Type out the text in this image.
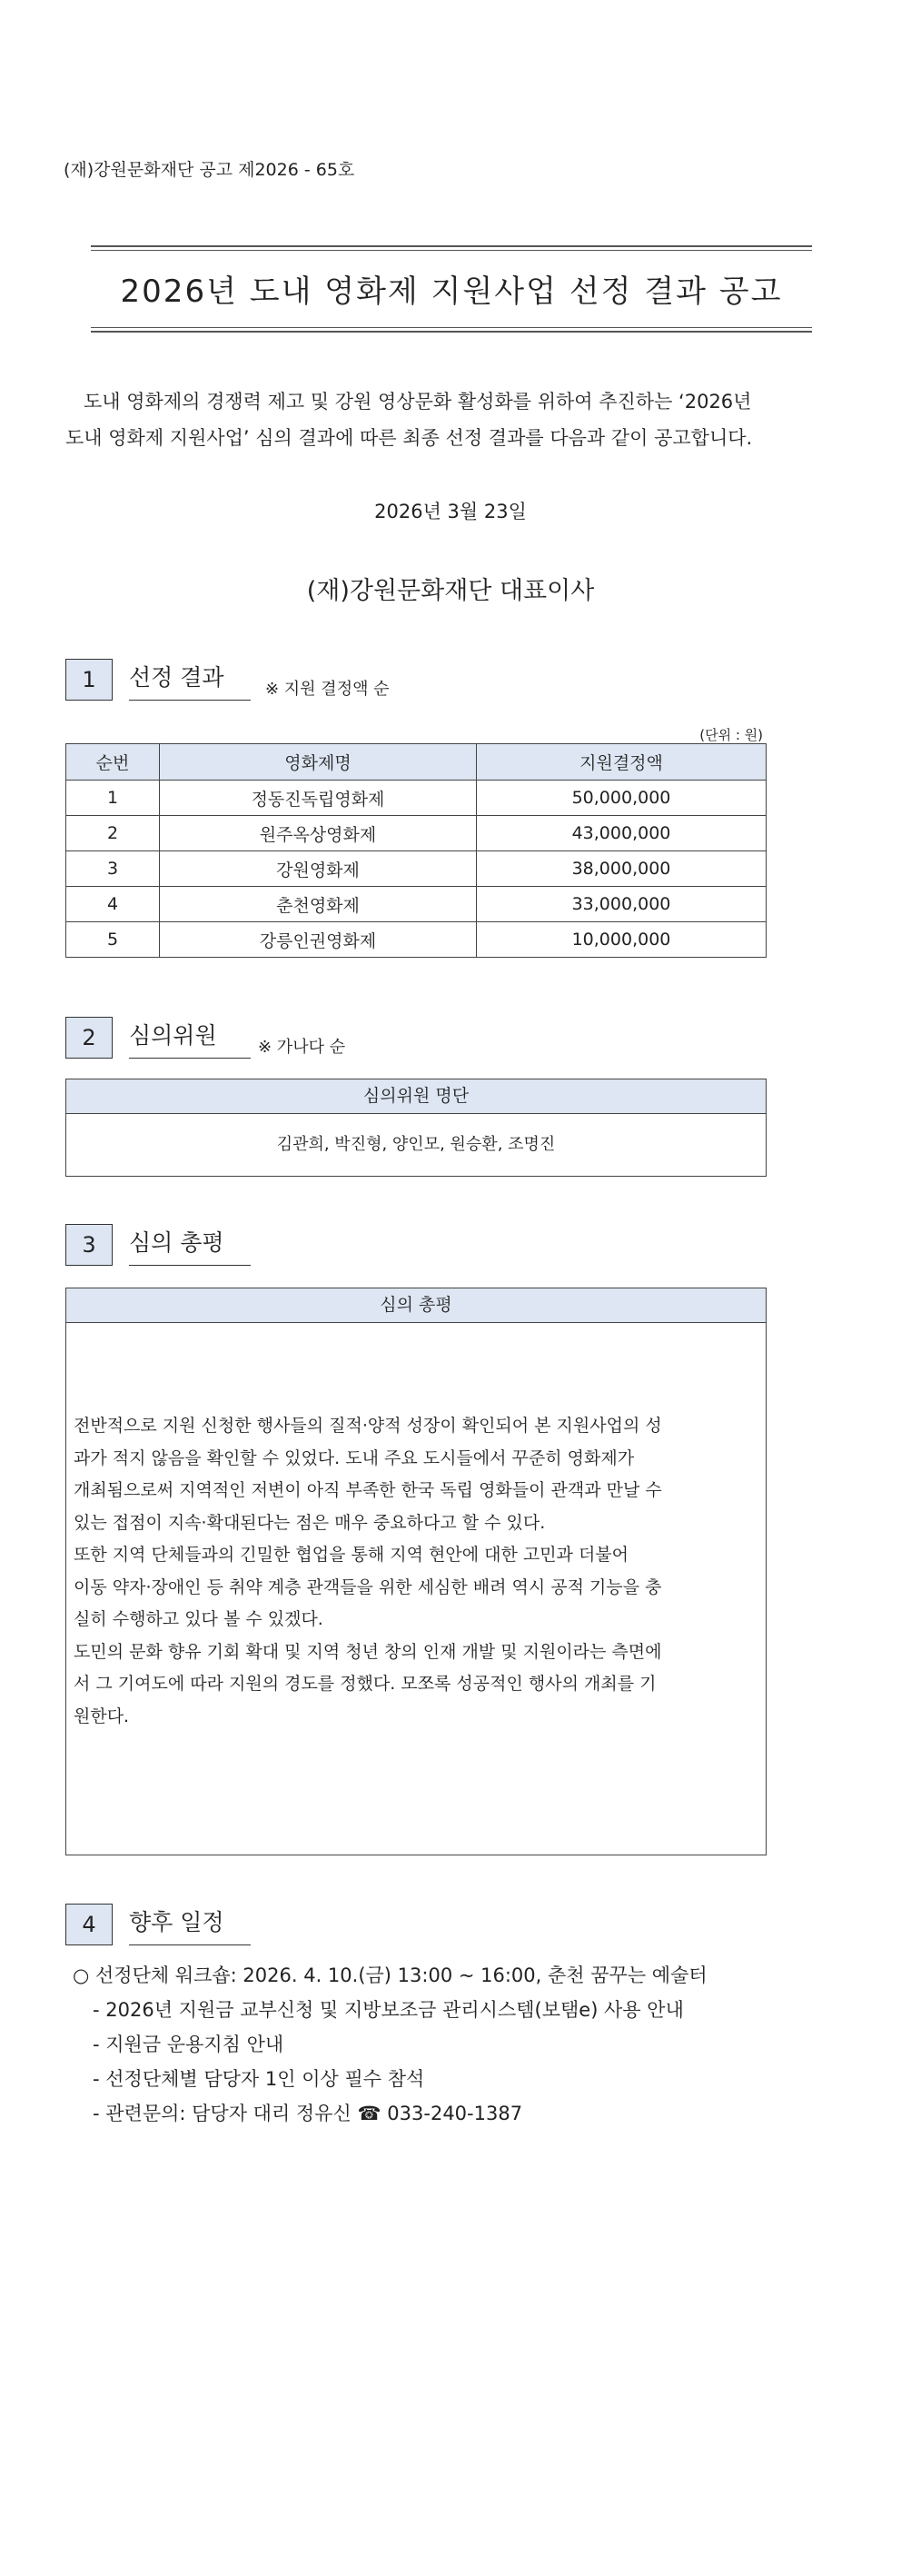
(재)강원문화재단 공고 제2026 - 65호
2026년 도내 영화제 지원사업 선정 결과 공고
도내 영화제의 경쟁력 제고 및 강원 영상문화 활성화를 위하여 추진하는 ‘2026년
도내 영화제 지원사업’ 심의 결과에 따른 최종 선정 결과를 다음과 같이 공고합니다.
2026년 3월 23일
(재)강원문화재단 대표이사
1	선정 결과	※ 지원 결정액 순
(단위 : 원)
순번	영화제명	지원결정액
1	정동진독립영화제	50,000,000
2	원주옥상영화제	43,000,000
3	강원영화제	38,000,000
4	춘천영화제	33,000,000
5	강릉인권영화제	10,000,000
2	심의위원	※ 가나다 순
심의위원 명단
김관희, 박진형, 양인모, 원승환, 조명진
3	심의 총평
심의 총평
전반적으로 지원 신청한 행사들의 질적·양적 성장이 확인되어 본 지원사업의 성
과가 적지 않음을 확인할 수 있었다. 도내 주요 도시들에서 꾸준히 영화제가
개최됨으로써 지역적인 저변이 아직 부족한 한국 독립 영화들이 관객과 만날 수
있는 접점이 지속·확대된다는 점은 매우 중요하다고 할 수 있다.
또한 지역 단체들과의 긴밀한 협업을 통해 지역 현안에 대한 고민과 더불어
이동 약자·장애인 등 취약 계층 관객들을 위한 세심한 배려 역시 공적 기능을 충
실히 수행하고 있다 볼 수 있겠다.
도민의 문화 향유 기회 확대 및 지역 청년 창의 인재 개발 및 지원이라는 측면에
서 그 기여도에 따라 지원의 경도를 정했다. 모쪼록 성공적인 행사의 개최를 기
원한다.
4	향후 일정
○ 선정단체 워크숍: 2026. 4. 10.(금) 13:00 ~ 16:00, 춘천 꿈꾸는 예술터
- 2026년 지원금 교부신청 및 지방보조금 관리시스템(보탬e) 사용 안내
- 지원금 운용지침 안내
- 선정단체별 담당자 1인 이상 필수 참석
- 관련문의: 담당자 대리 정유신 ☎ 033-240-1387
